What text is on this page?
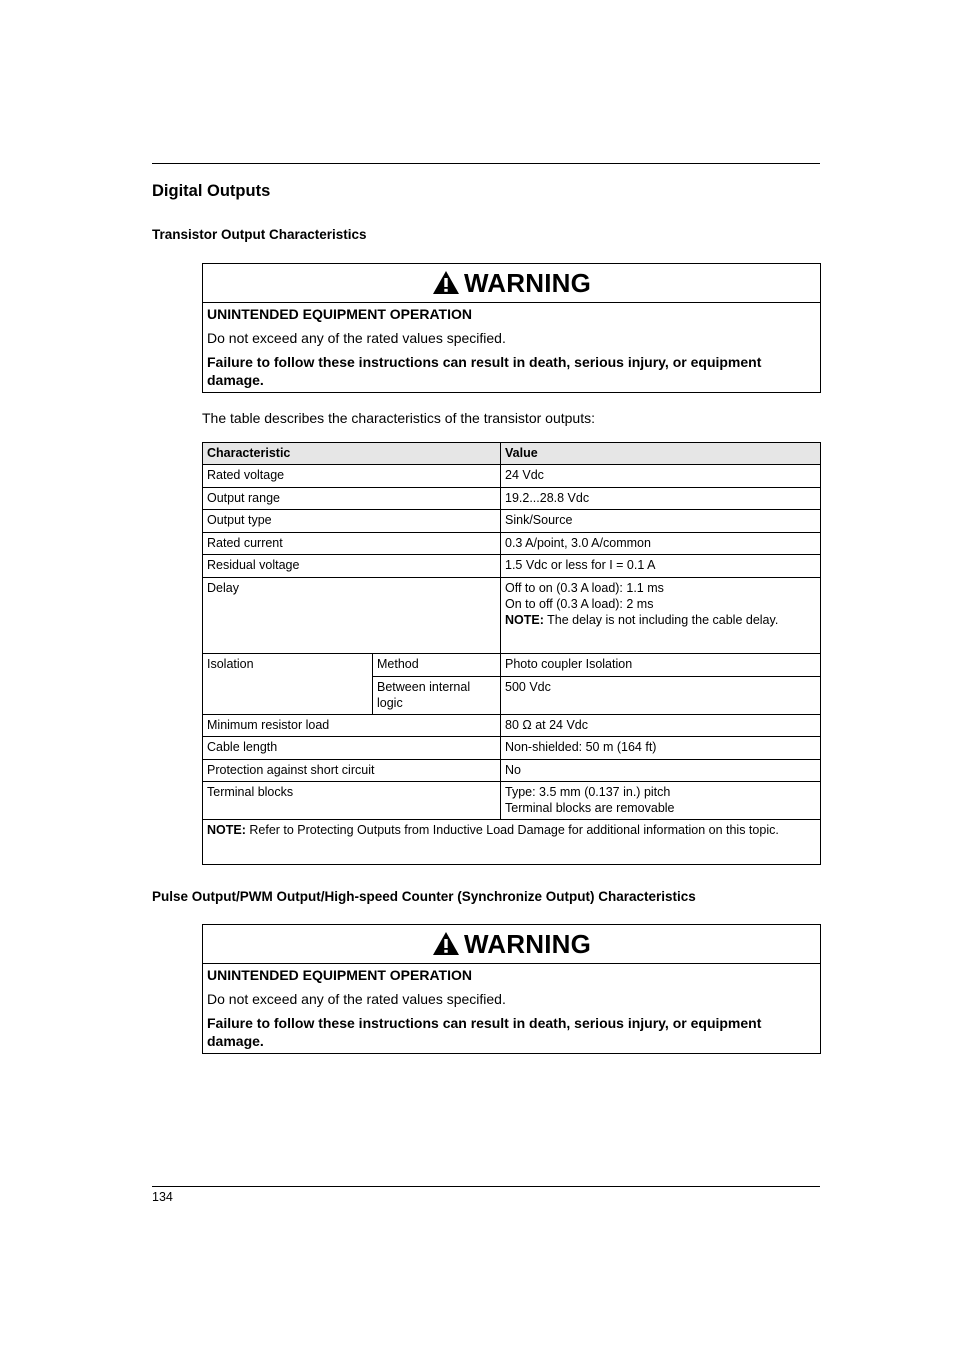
Digital Outputs
Transistor Output Characteristics
WARNING

UNINTENDED EQUIPMENT OPERATION

Do not exceed any of the rated values specified.

Failure to follow these instructions can result in death, serious injury, or equipment damage.

The table describes the characteristics of the transistor outputs:

Characteristic		Value
Rated voltage		24 Vdc
Output range		19.2...28.8 Vdc
Output type		Sink/Source
Rated current		0.3 A/point, 3.0 A/common
Residual voltage		1.5 Vdc or less for I = 0.1 A
Delay		Off to on (0.3 A load): 1.1 ms
On to off (0.3 A load): 2 ms
NOTE: The delay is not including the cable delay.

Isolation	Method	Photo coupler Isolation
	Between internal logic	500 Vdc
Minimum resistor load		80 Ω at 24 Vdc
Cable length		Non-shielded: 50 m (164 ft)
Protection against short circuit		No
Terminal blocks		Type: 3.5 mm (0.137 in.) pitch
Terminal blocks are removable

NOTE: Refer to Protecting Outputs from Inductive Load Damage for additional information on this topic.		
Pulse Output/PWM Output/High-speed Counter (Synchronize Output) Characteristics
WARNING

UNINTENDED EQUIPMENT OPERATION

Do not exceed any of the rated values specified.

Failure to follow these instructions can result in death, serious injury, or equipment damage.

134
